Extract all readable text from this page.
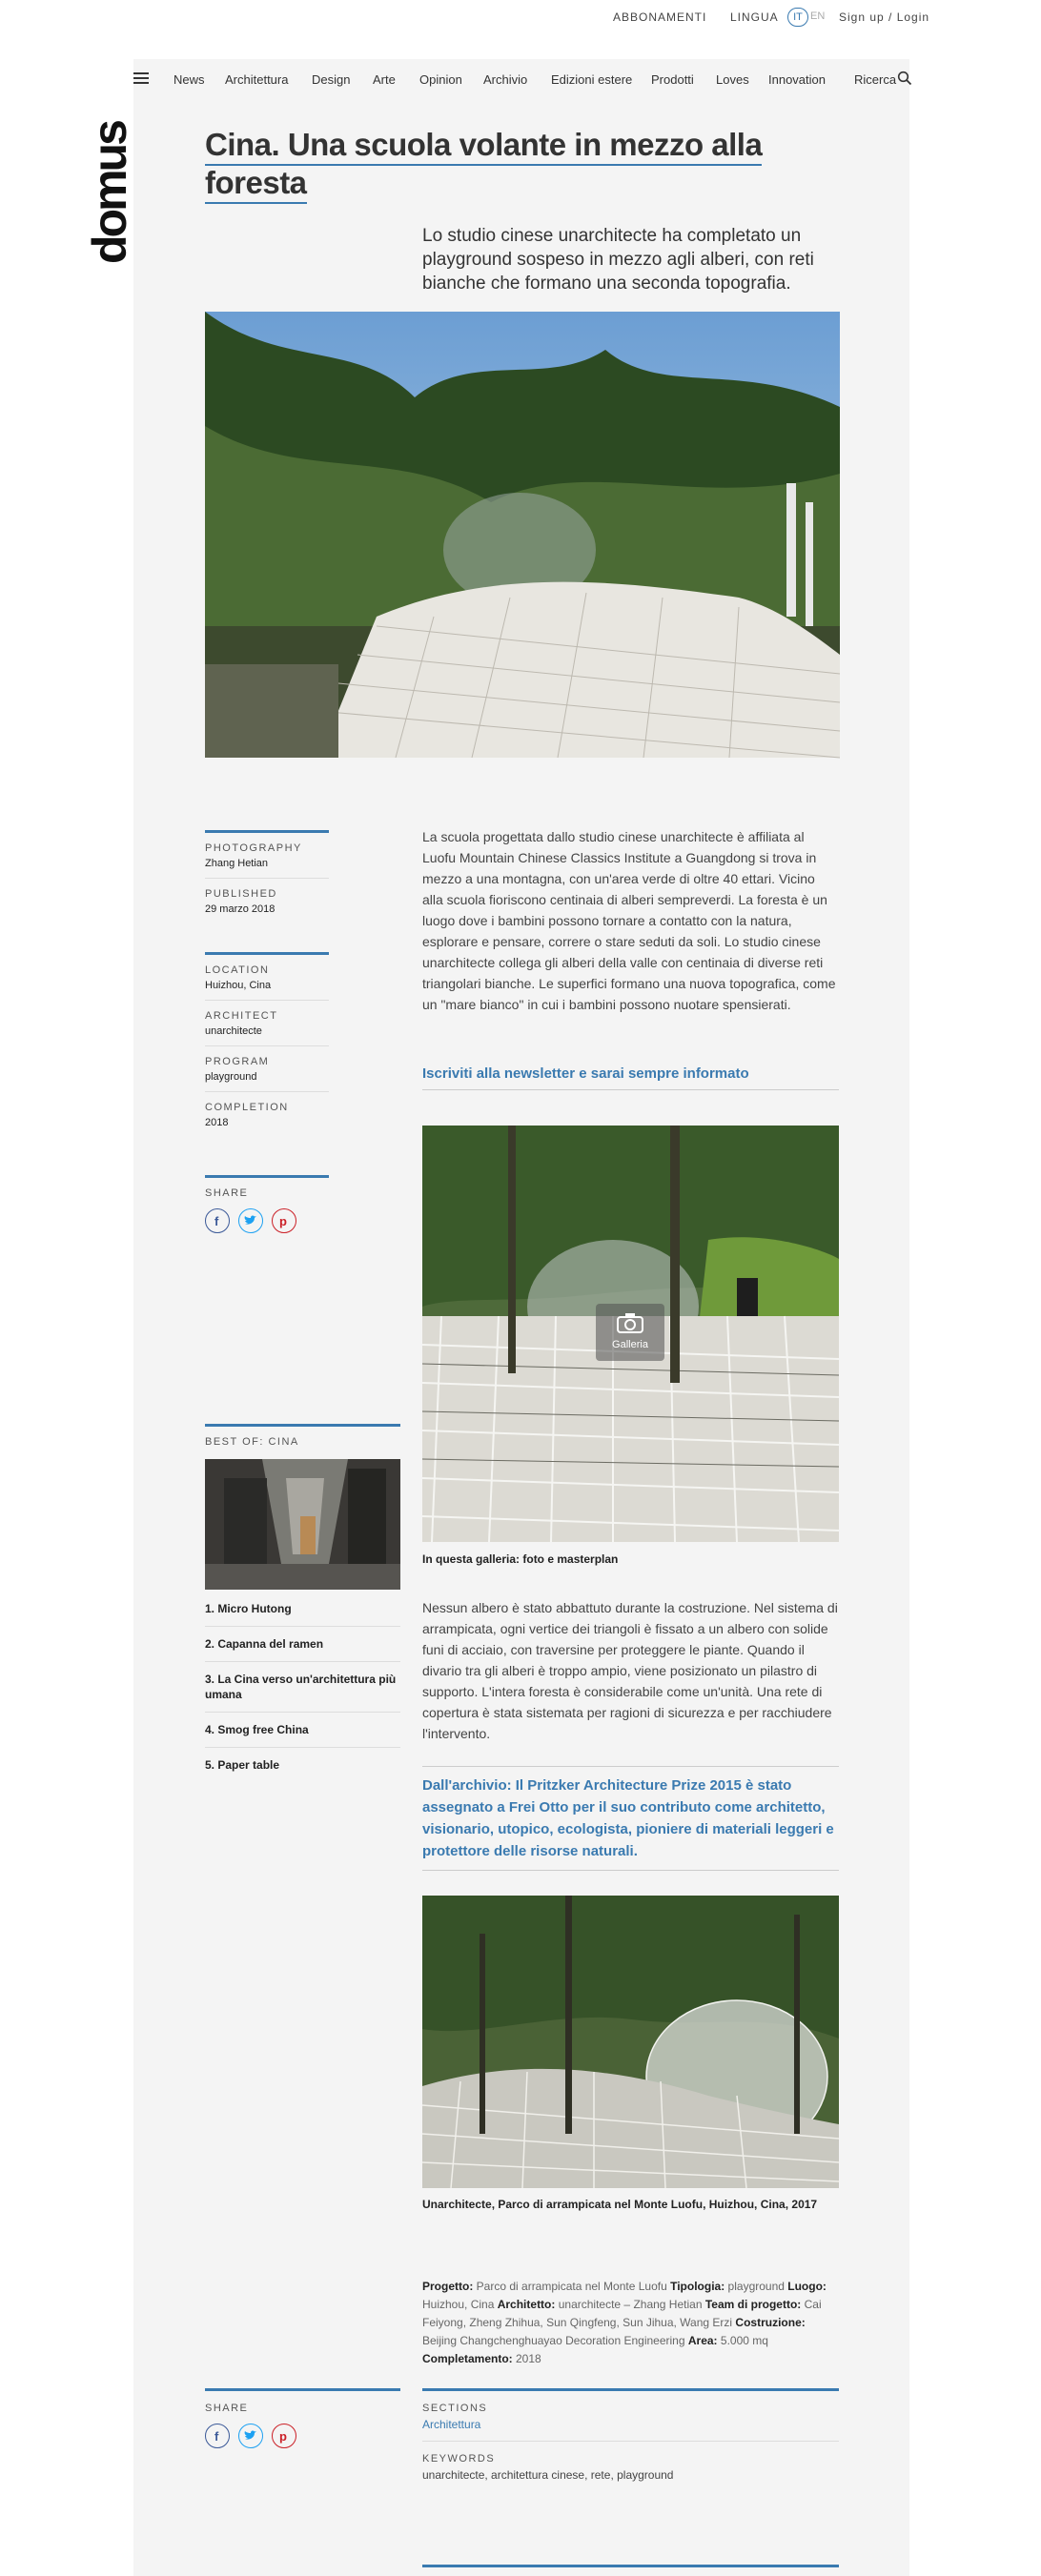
ABBONAMENTI LINGUA	IT EN Sign up / Login
domus
News Architettura Design Arte Opinion Archivio Edizioni estere Prodotti Loves Innovation Ricerca
Cina. Una scuola volante in mezzo alla
foresta

Lo studio cinese unarchitecte ha completato un playground sospeso in mezzo agli alberi, con reti bianche che formano una seconda topografia.

PHOTOGRAPHY
Zhang Hetian
PUBLISHED
29 marzo 2018
LOCATION
Huizhou, Cina
ARCHITECT
unarchitecte
PROGRAM
playground
COMPLETION
2018
SHARE
f	p
BEST OF: CINA
1. Micro Hutong
2. Capanna del ramen
3. La Cina verso un'architettura più umana
4. Smog free China
5. Paper table

La scuola progettata dallo studio cinese unarchitecte è affiliata al Luofu Mountain Chinese Classics Institute a Guangdong si trova in mezzo a una montagna, con un'area verde di oltre 40 ettari. Vicino alla scuola fioriscono centinaia di alberi sempreverdi. La foresta è un luogo dove i bambini possono tornare a contatto con la natura, esplorare e pensare, correre o stare seduti da soli. Lo studio cinese unarchitecte collega gli alberi della valle con centinaia di diverse reti triangolari bianche. Le superfici formano una nuova topografica, come un "mare bianco" in cui i bambini possono nuotare spensierati.

Iscriviti alla newsletter e sarai sempre informato
Galleria
In questa galleria: foto e masterplan

Nessun albero è stato abbattuto durante la costruzione. Nel sistema di arrampicata, ogni vertice dei triangoli è fissato a un albero con solide funi di acciaio, con traversine per proteggere le piante. Quando il divario tra gli alberi è troppo ampio, viene posizionato un pilastro di supporto. L'intera foresta è considerabile come un'unità. Una rete di copertura è stata sistemata per ragioni di sicurezza e per racchiudere l'intervento.

Dall'archivio: Il Pritzker Architecture Prize 2015 è stato assegnato a Frei Otto per il suo contributo come architetto, visionario, utopico, ecologista, pioniere di materiali leggeri e protettore delle risorse naturali.
Unarchitecte, Parco di arrampicata nel Monte Luofu, Huizhou, Cina, 2017

Progetto: Parco di arrampicata nel Monte Luofu Tipologia: playground Luogo: Huizhou, Cina Architetto: unarchitecte – Zhang Hetian Team di progetto: Cai Feiyong, Zheng Zhihua, Sun Qingfeng, Sun Jihua, Wang Erzi Costruzione: Beijing Changchenghuayao Decoration Engineering Area: 5.000 mq Completamento: 2018

SHARE
f	p
SECTIONS
Architettura
KEYWORDS
unarchitecte, architettura cinese, rete, playground
